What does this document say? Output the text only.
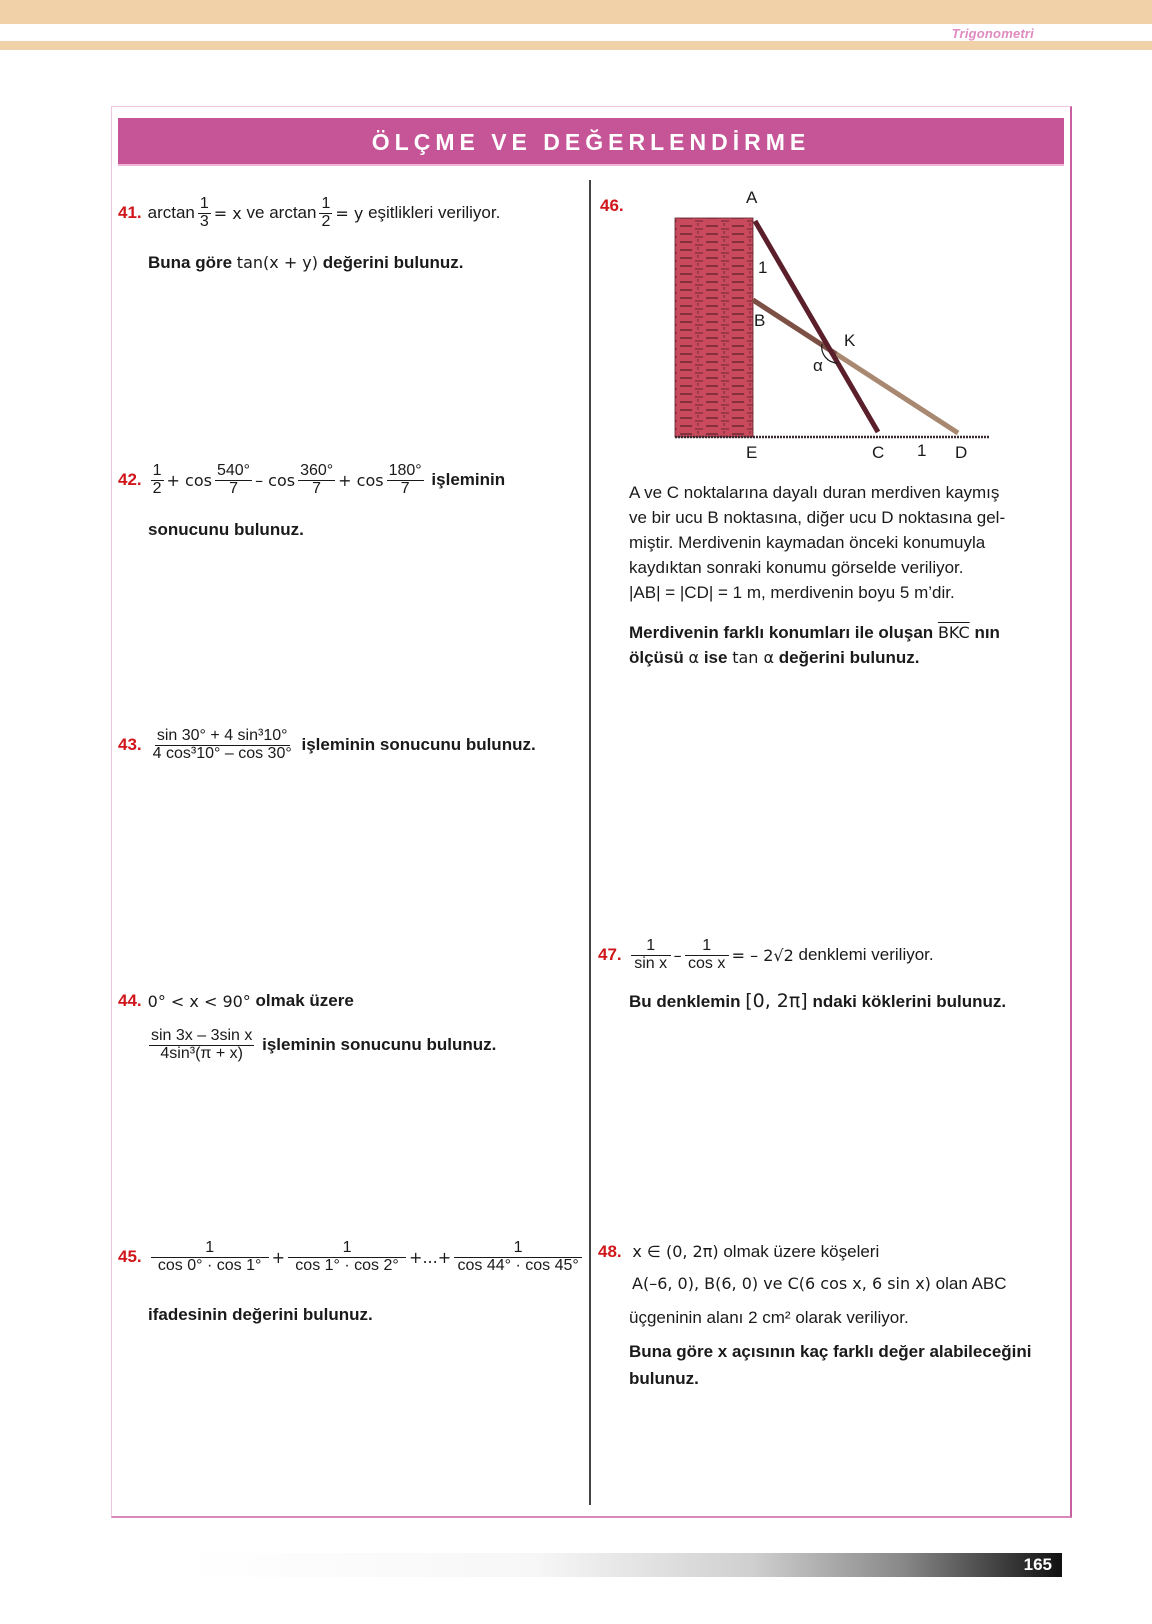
Trigonometri
ÖLÇME VE DEĞERLENDİRME
41. $\arctan \frac{1}{3} = x$
ve
$\arctan \frac{1}{2} = y$
eşitlikleri veriliyor.
Buna göre tan(x + y) değerini bulunuz.
42. $\frac{1}{2} + \cos \frac{540^\circ}{7} - \cos \frac{360^\circ}{7} + \cos \frac{180^\circ}{7}$
işleminin
sonucunu bulunuz.
43. $\frac{\text{sin 30° + 4 sin³10°}}{\text{4 cos³10° – cos 30°}}$
işleminin sonucunu bulunuz.
44. 0° < x < 90°
olmak üzere
$\frac{\text{sin 3x – 3sin x}}{\text{4sin³(π + x)}}$
işleminin sonucunu bulunuz.
45. $\frac{1}{\cos 0^\circ \cdot \cos 1^\circ} + \frac{1}{\cos 1^\circ \cdot \cos 2^\circ}$ +...+ $\frac{1}{\cos 44^\circ \cdot \cos 45^\circ}$
ifadesinin değerini bulunuz.
46.	A
1
B
K
α
E	C 1 D
A ve C noktalarına dayalı duran merdiven kaymış
ve bir ucu B noktasına, diğer ucu D noktasına gel-
miştir. Merdivenin kaymadan önceki konumuyla
kaydıktan sonraki konumu görselde veriliyor.
|AB| = |CD| = 1 m, merdivenin boyu 5 m’dir.
Merdivenin farklı konumları ile oluşan $\overline{BKC}$ nın
ölçüsü α ise tan α değerini bulunuz.
47. $\frac{1}{\text{sin x}} - \frac{1}{\text{cos x}}$ = – 2√2
denklemi veriliyor.
Bu denklemin [0, 2π] ndaki köklerini bulunuz.
48. x ∈ (0, 2π) olmak üzere köşeleri
A(–6, 0), B(6, 0) ve C(6 cos x, 6 sin x) olan ABC
üçgeninin alanı 2 cm² olarak veriliyor.
Buna göre x açısının kaç farklı değer alabileceğini
bulunuz.
165
